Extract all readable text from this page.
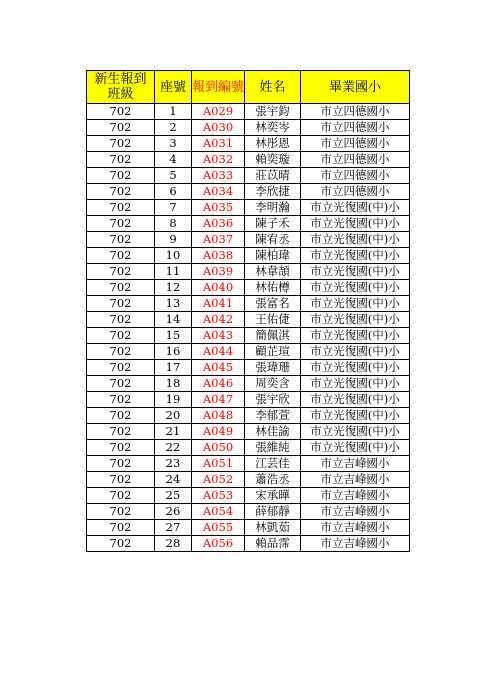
新生報到
班級	座號	報到編號	姓名	畢業國小
702	1	A029	張宇鈞	市立四德國小
702	2	A030	林奕岑	市立四德國小
702	3	A031	林彤恩	市立四德國小
702	4	A032	賴奕璇	市立四德國小
702	5	A033	莊苡晴	市立四德國小
702	6	A034	李欣捷	市立四德國小
702	7	A035	李明瀚	市立光復國(中)小
702	8	A036	陳子禾	市立光復國(中)小
702	9	A037	陳宥丞	市立光復國(中)小
702	10	A038	陳柏瑋	市立光復國(中)小
702	11	A039	林韋頡	市立光復國(中)小
702	12	A040	林佑樽	市立光復國(中)小
702	13	A041	張富名	市立光復國(中)小
702	14	A042	王佑倢	市立光復國(中)小
702	15	A043	簡佩淇	市立光復國(中)小
702	16	A044	顧芷瑄	市立光復國(中)小
702	17	A045	張瑋珊	市立光復國(中)小
702	18	A046	周奕含	市立光復國(中)小
702	19	A047	張宇欣	市立光復國(中)小
702	20	A048	李郁萱	市立光復國(中)小
702	21	A049	林佳諭	市立光復國(中)小
702	22	A050	張維純	市立光復國(中)小
702	23	A051	江芸佳	市立吉峰國小
702	24	A052	蕭浩丞	市立吉峰國小
702	25	A053	宋承曄	市立吉峰國小
702	26	A054	薛郁靜	市立吉峰國小
702	27	A055	林凱茹	市立吉峰國小
702	28	A056	賴品霈	市立吉峰國小
